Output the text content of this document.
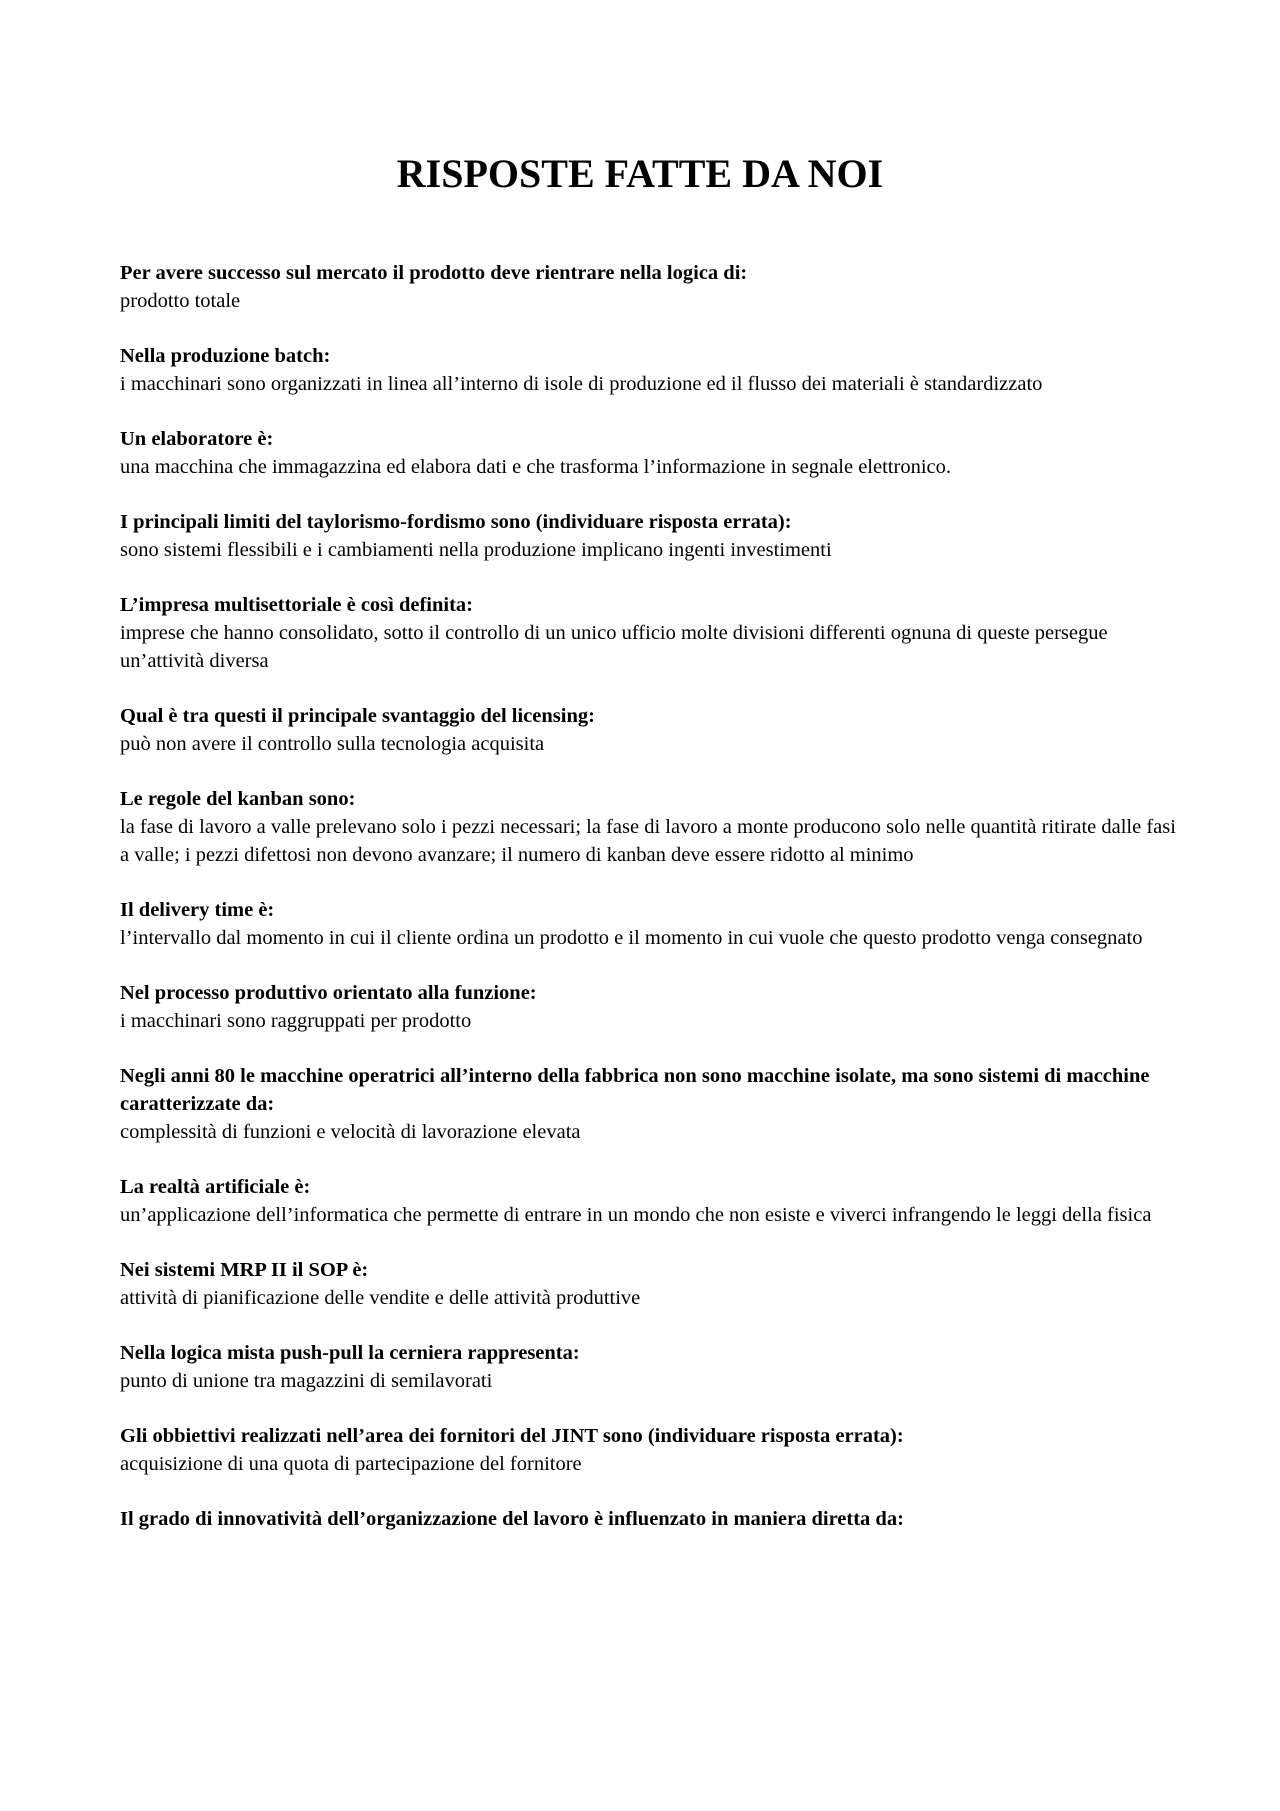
RISPOSTE FATTE DA NOI

Per avere successo sul mercato il prodotto deve rientrare nella logica di:

prodotto totale

Nella produzione batch:

i macchinari sono organizzati in linea all’interno di isole di produzione ed il flusso dei materiali è standardizzato

Un elaboratore è:

una macchina che immagazzina ed elabora dati e che trasforma l’informazione in segnale elettronico.

I principali limiti del taylorismo-fordismo sono (individuare risposta errata):

sono sistemi flessibili e i cambiamenti nella produzione implicano ingenti investimenti

L’impresa multisettoriale è così definita:

imprese che hanno consolidato, sotto il controllo di un unico ufficio molte divisioni differenti ognuna di queste persegue un’attività diversa

Qual è tra questi il principale svantaggio del licensing:

può non avere il controllo sulla tecnologia acquisita

Le regole del kanban sono:

la fase di lavoro a valle prelevano solo i pezzi necessari; la fase di lavoro a monte producono solo nelle quantità ritirate dalle fasi a valle; i pezzi difettosi non devono avanzare; il numero di kanban deve essere ridotto al minimo

Il delivery time è:

l’intervallo dal momento in cui il cliente ordina un prodotto e il momento in cui vuole che questo prodotto venga consegnato

Nel processo produttivo orientato alla funzione:

i macchinari sono raggruppati per prodotto

Negli anni 80 le macchine operatrici all’interno della fabbrica non sono macchine isolate, ma sono sistemi di macchine caratterizzate da:

complessità di funzioni e velocità di lavorazione elevata

La realtà artificiale è:

un’applicazione dell’informatica che permette di entrare in un mondo che non esiste e viverci infrangendo le leggi della fisica

Nei sistemi MRP II il SOP è:

attività di pianificazione delle vendite e delle attività produttive

Nella logica mista push-pull la cerniera rappresenta:

punto di unione tra magazzini di semilavorati

Gli obbiettivi realizzati nell’area dei fornitori del JINT sono (individuare risposta errata):

acquisizione di una quota di partecipazione del fornitore

Il grado di innovatività dell’organizzazione del lavoro è influenzato in maniera diretta da:
